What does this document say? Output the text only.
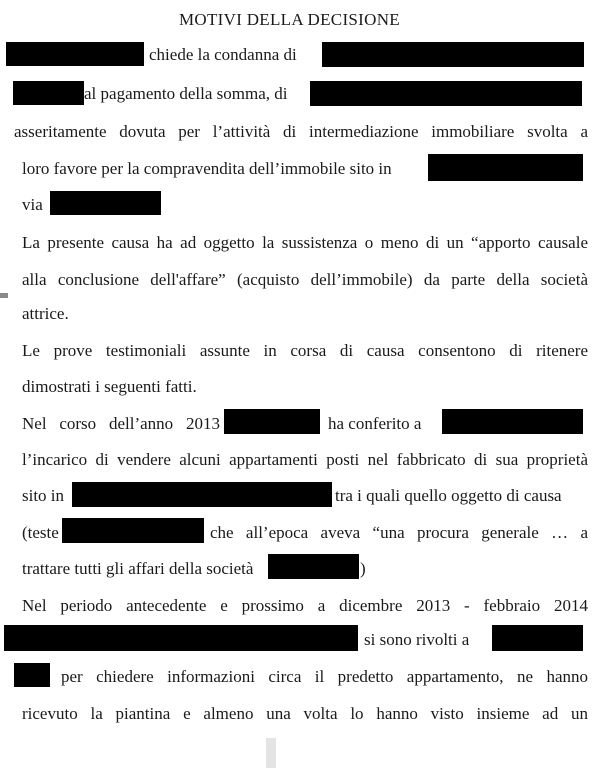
MOTIVI DELLA DECISIONE
chiede la condanna di
al pagamento della somma, di
asseritamente dovuta per l’attività di intermediazione immobiliare svolta a
loro favore per la compravendita dell’immobile sito in
via
La presente causa ha ad oggetto la sussistenza o meno di un “apporto causale
alla conclusione dell'affare” (acquisto dell’immobile) da parte della società
attrice.
Le prove testimoniali assunte in corsa di causa consentono di ritenere
dimostrati i seguenti fatti.
Nel corso dell’anno 2013	ha conferito a
l’incarico di vendere alcuni appartamenti posti nel fabbricato di sua proprietà
sito in	tra i quali quello oggetto di causa
(teste	che all’epoca aveva “una procura generale … a
trattare tutti gli affari della società	)
Nel periodo antecedente e prossimo a dicembre 2013 - febbraio 2014
si sono rivolti a
per chiedere informazioni circa il predetto appartamento, ne hanno
ricevuto la piantina e almeno una volta lo hanno visto insieme ad un
